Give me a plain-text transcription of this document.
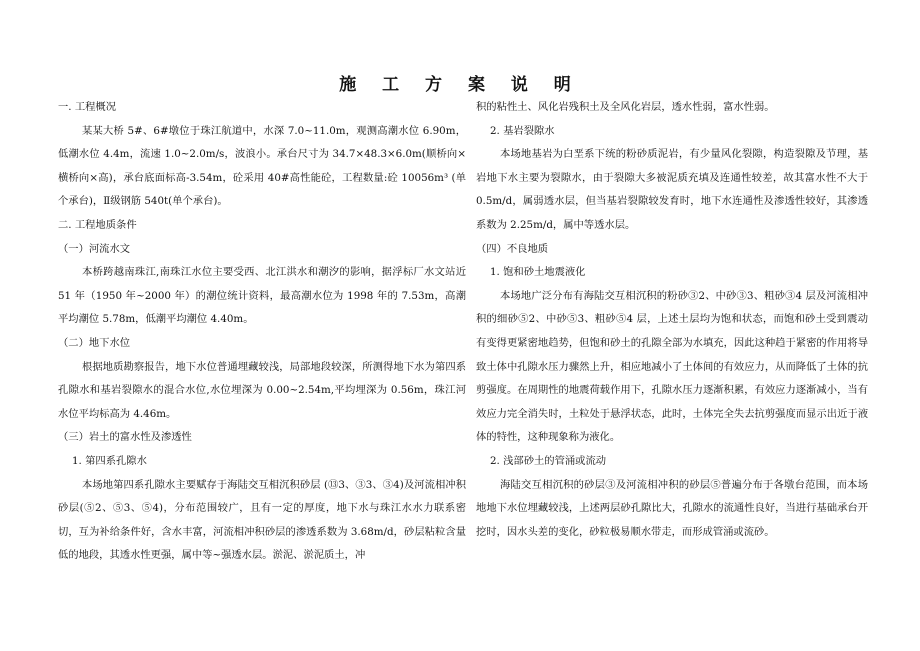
施 工 方 案 说 明

一. 工程概况

某某大桥 5#、6#墩位于珠江航道中，水深 7.0~11.0m，观测高潮水位 6.90m，低潮水位 4.4m，流速 1.0~2.0m/s，波浪小。承台尺寸为 34.7×48.3×6.0m(顺桥向×横桥向×高)，承台底面标高-3.54m，砼采用 40#高性能砼，工程数量:砼 10056m³ (单个承台)，Ⅱ级钢筋 540t(单个承台)。

二. 工程地质条件

（一）河流水文

本桥跨越南珠江,南珠江水位主要受西、北江洪水和潮汐的影响，据浮标厂水文站近 51 年（1950 年~2000 年）的潮位统计资料，最高潮水位为 1998 年的 7.53m，高潮平均潮位 5.78m，低潮平均潮位 4.40m。

（二）地下水位

根据地质勘察报告，地下水位普通埋藏较浅，局部地段较深，所测得地下水为第四系孔隙水和基岩裂隙水的混合水位,水位埋深为 0.00~2.54m,平均埋深为 0.56m，珠江河水位平均标高为 4.46m。

（三）岩土的富水性及渗透性

1. 第四系孔隙水

本场地第四系孔隙水主要赋存于海陆交互相沉积砂层 (⑬3、③3、③4)及河流相冲积砂层(⑤2、⑤3、⑤4)，分布范围较广，且有一定的厚度，地下水与珠江水水力联系密切，互为补给条件好，含水丰富，河流相冲积砂层的渗透系数为 3.68m/d，砂层粘粒含量低的地段，其透水性更强，属中等~强透水层。淤泥、淤泥质土，冲

积的粘性土、风化岩残积土及全风化岩层，透水性弱，富水性弱。

2. 基岩裂隙水

本场地基岩为白垩系下统的粉砂质泥岩，有少量风化裂隙，构造裂隙及节理，基岩地下水主要为裂隙水，由于裂隙大多被泥质充填及连通性较差，故其富水性不大于 0.5m/d，属弱透水层，但当基岩裂隙较发育时，地下水连通性及渗透性较好，其渗透系数为 2.25m/d，属中等透水层。

（四）不良地质

1. 饱和砂土地震液化

本场地广泛分布有海陆交互相沉积的粉砂③2、中砂③3、粗砂③4 层及河流相冲积的细砂⑤2、中砂⑤3、粗砂⑤4 层，上述土层均为饱和状态，而饱和砂土受到震动有变得更紧密地趋势，但饱和砂土的孔隙全部为水填充，因此这种趋于紧密的作用将导致土体中孔隙水压力骤然上升，相应地减小了土体间的有效应力，从而降低了土体的抗剪强度。在周期性的地震荷载作用下，孔隙水压力逐渐积累，有效应力逐渐减小，当有效应力完全消失时，土粒处于悬浮状态，此时，土体完全失去抗剪强度而显示出近于液体的特性，这种现象称为液化。

2. 浅部砂土的管涌或流动

海陆交互相沉积的砂层③及河流相冲积的砂层⑤普遍分布于各墩台范围，而本场地地下水位埋藏较浅，上述两层砂孔隙比大，孔隙水的流通性良好，当进行基础承台开挖时，因水头差的变化，砂粒极易顺水带走，而形成管涌或流砂。
